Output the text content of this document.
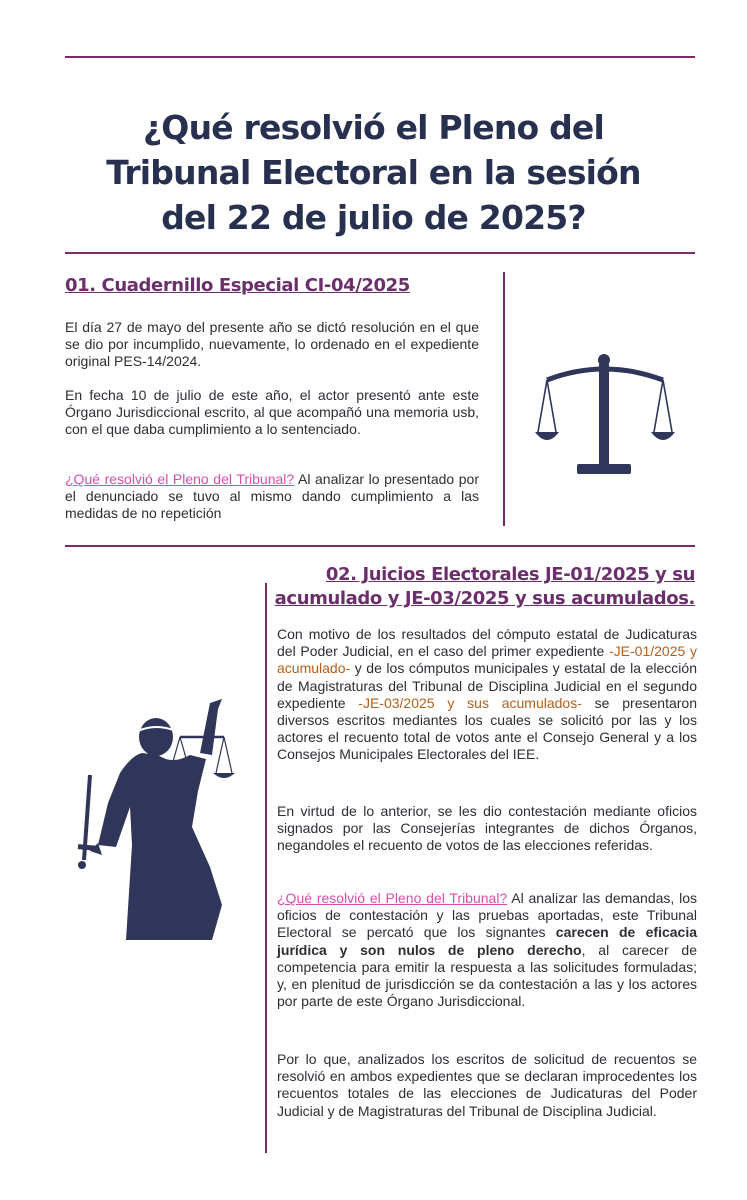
¿Qué resolvió el Pleno del
Tribunal Electoral en la sesión
del 22 de julio de 2025?
01. Cuadernillo Especial CI-04/2025
El día 27 de mayo del presente año se dictó resolución en el que se dio por incumplido, nuevamente, lo ordenado en el expediente original PES-14/2024.
En fecha 10 de julio de este año, el actor presentó ante este Órgano Jurisdiccional escrito, al que acompañó una memoria usb, con el que daba cumplimiento a lo sentenciado.
¿Qué resolvió el Pleno del Tribunal? Al analizar lo presentado por el denunciado se tuvo al mismo dando cumplimiento a las medidas de no repetición
02. Juicios Electorales JE-01/2025 y su
acumulado y JE-03/2025 y sus acumulados.
Con motivo de los resultados del cómputo estatal de Judicaturas del Poder Judicial, en el caso del primer expediente -JE-01/2025 y acumulado- y de los cómputos municipales y estatal de la elección de Magistraturas del Tribunal de Disciplina Judicial en el segundo expediente -JE-03/2025 y sus acumulados- se presentaron diversos escritos mediantes los cuales se solicitó por las y los actores el recuento total de votos ante el Consejo General y a los Consejos Municipales Electorales del IEE.
En virtud de lo anterior, se les dio contestación mediante oficios signados por las Consejerías integrantes de dichos Órganos, negandoles el recuento de votos de las elecciones referidas.
¿Qué resolvió el Pleno del Tribunal? Al analizar las demandas, los oficios de contestación y las pruebas aportadas, este Tribunal Electoral se percató que los signantes carecen de eficacia jurídica y son nulos de pleno derecho, al carecer de competencia para emitir la respuesta a las solicitudes formuladas; y, en plenitud de jurisdicción se da contestación a las y los actores por parte de este Órgano Jurisdiccional.
Por lo que, analizados los escritos de solicitud de recuentos se resolvió en ambos expedientes que se declaran improcedentes los recuentos totales de las elecciones de Judicaturas del Poder Judicial y de Magistraturas del Tribunal de Disciplina Judicial.
